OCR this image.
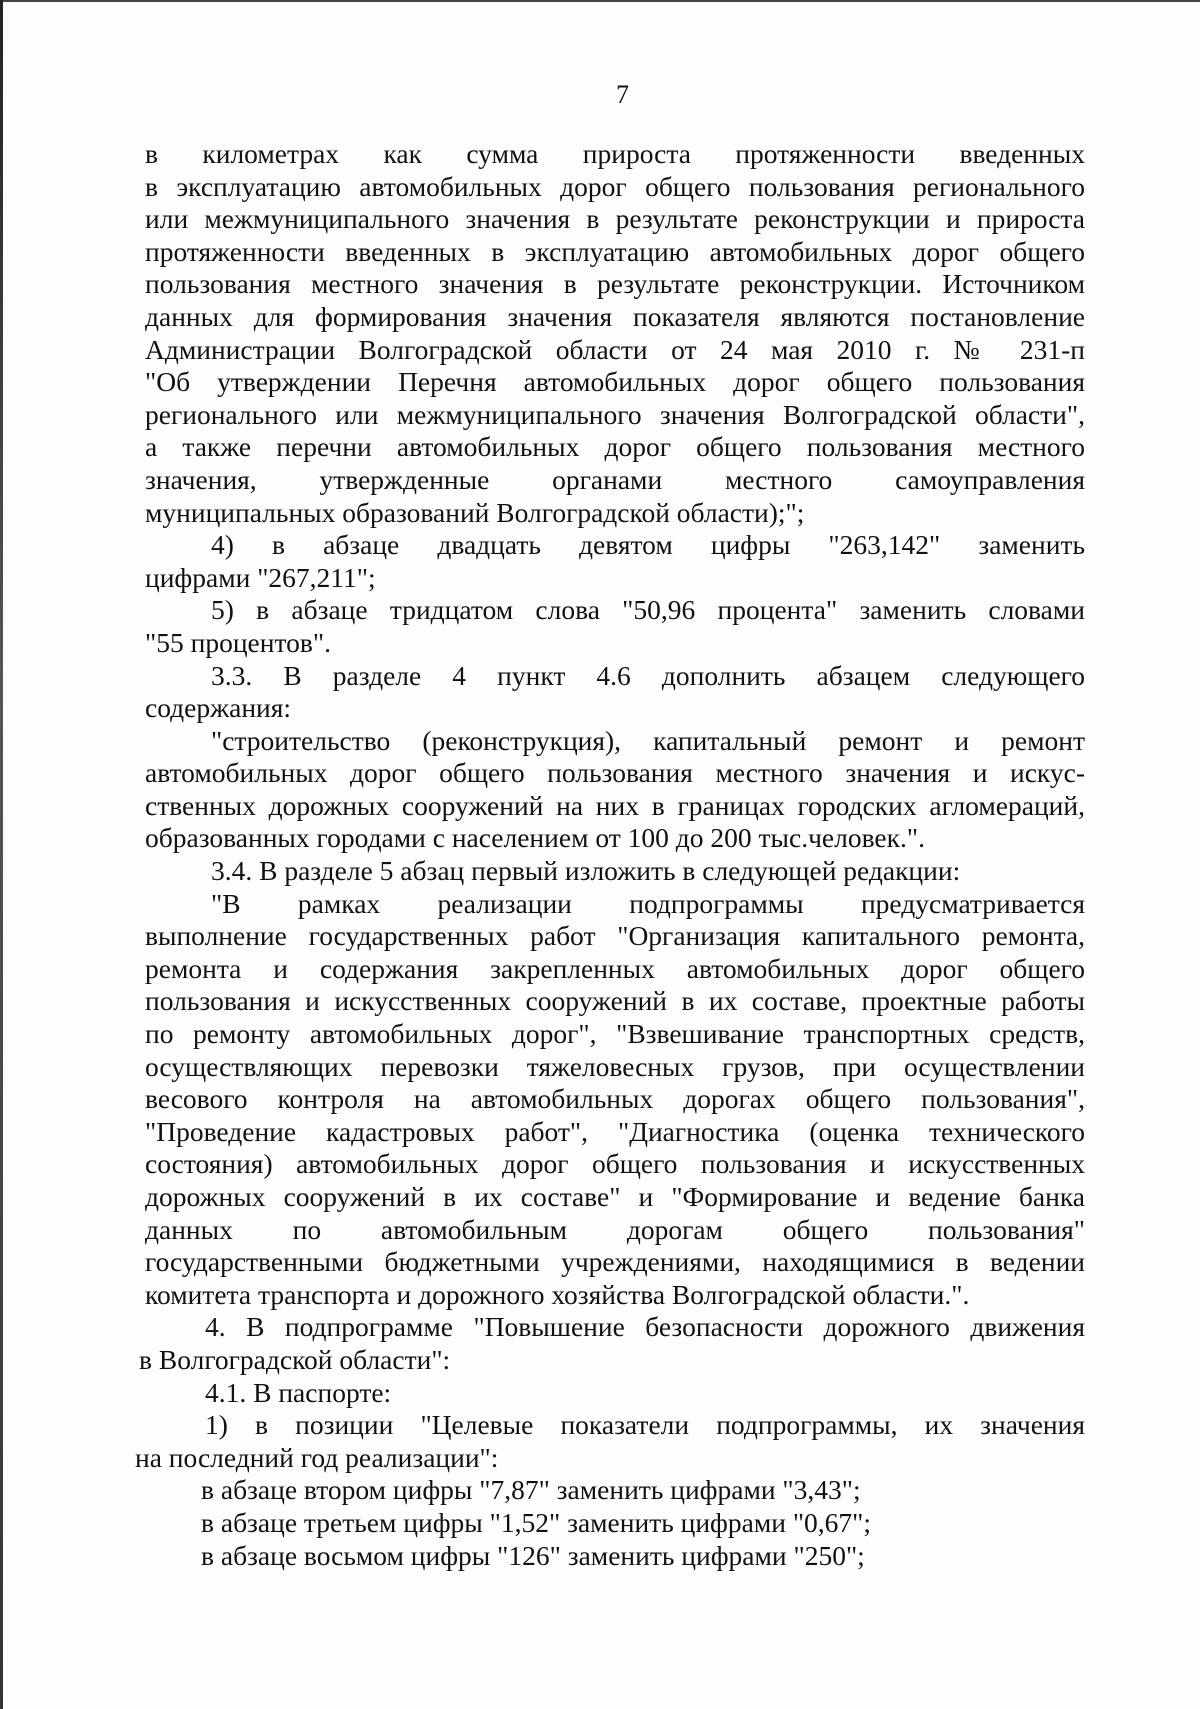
7
в километрах как сумма прироста протяженности введенных
в эксплуатацию автомобильных дорог общего пользования регионального
или межмуниципального значения в результате реконструкции и прироста
протяженности введенных в эксплуатацию автомобильных дорог общего
пользования местного значения в результате реконструкции. Источником
данных для формирования значения показателя являются постановление
Администрации Волгоградской области от 24 мая 2010 г. № 231-п
"Об утверждении Перечня автомобильных дорог общего пользования
регионального или межмуниципального значения Волгоградской области",
а также перечни автомобильных дорог общего пользования местного
значения, утвержденные органами местного самоуправления
муниципальных образований Волгоградской области);";
4) в абзаце двадцать девятом цифры "263,142" заменить
цифрами "267,211";
5) в абзаце тридцатом слова "50,96 процента" заменить словами
"55 процентов".
3.3. В разделе 4 пункт 4.6 дополнить абзацем следующего
содержания:
"строительство (реконструкция), капитальный ремонт и ремонт
автомобильных дорог общего пользования местного значения и искус-
ственных дорожных сооружений на них в границах городских агломераций,
образованных городами с населением от 100 до 200 тыс.человек.".
3.4. В разделе 5 абзац первый изложить в следующей редакции:
"В рамках реализации подпрограммы предусматривается
выполнение государственных работ "Организация капитального ремонта,
ремонта и содержания закрепленных автомобильных дорог общего
пользования и искусственных сооружений в их составе, проектные работы
по ремонту автомобильных дорог", "Взвешивание транспортных средств,
осуществляющих перевозки тяжеловесных грузов, при осуществлении
весового контроля на автомобильных дорогах общего пользования",
"Проведение кадастровых работ", "Диагностика (оценка технического
состояния) автомобильных дорог общего пользования и искусственных
дорожных сооружений в их составе" и "Формирование и ведение банка
данных по автомобильным дорогам общего пользования"
государственными бюджетными учреждениями, находящимися в ведении
комитета транспорта и дорожного хозяйства Волгоградской области.".
4. В подпрограмме "Повышение безопасности дорожного движения
в Волгоградской области":
4.1. В паспорте:
1) в позиции "Целевые показатели подпрограммы, их значения
на последний год реализации":
в абзаце втором цифры "7,87" заменить цифрами "3,43";
в абзаце третьем цифры "1,52" заменить цифрами "0,67";
в абзаце восьмом цифры "126" заменить цифрами "250";
